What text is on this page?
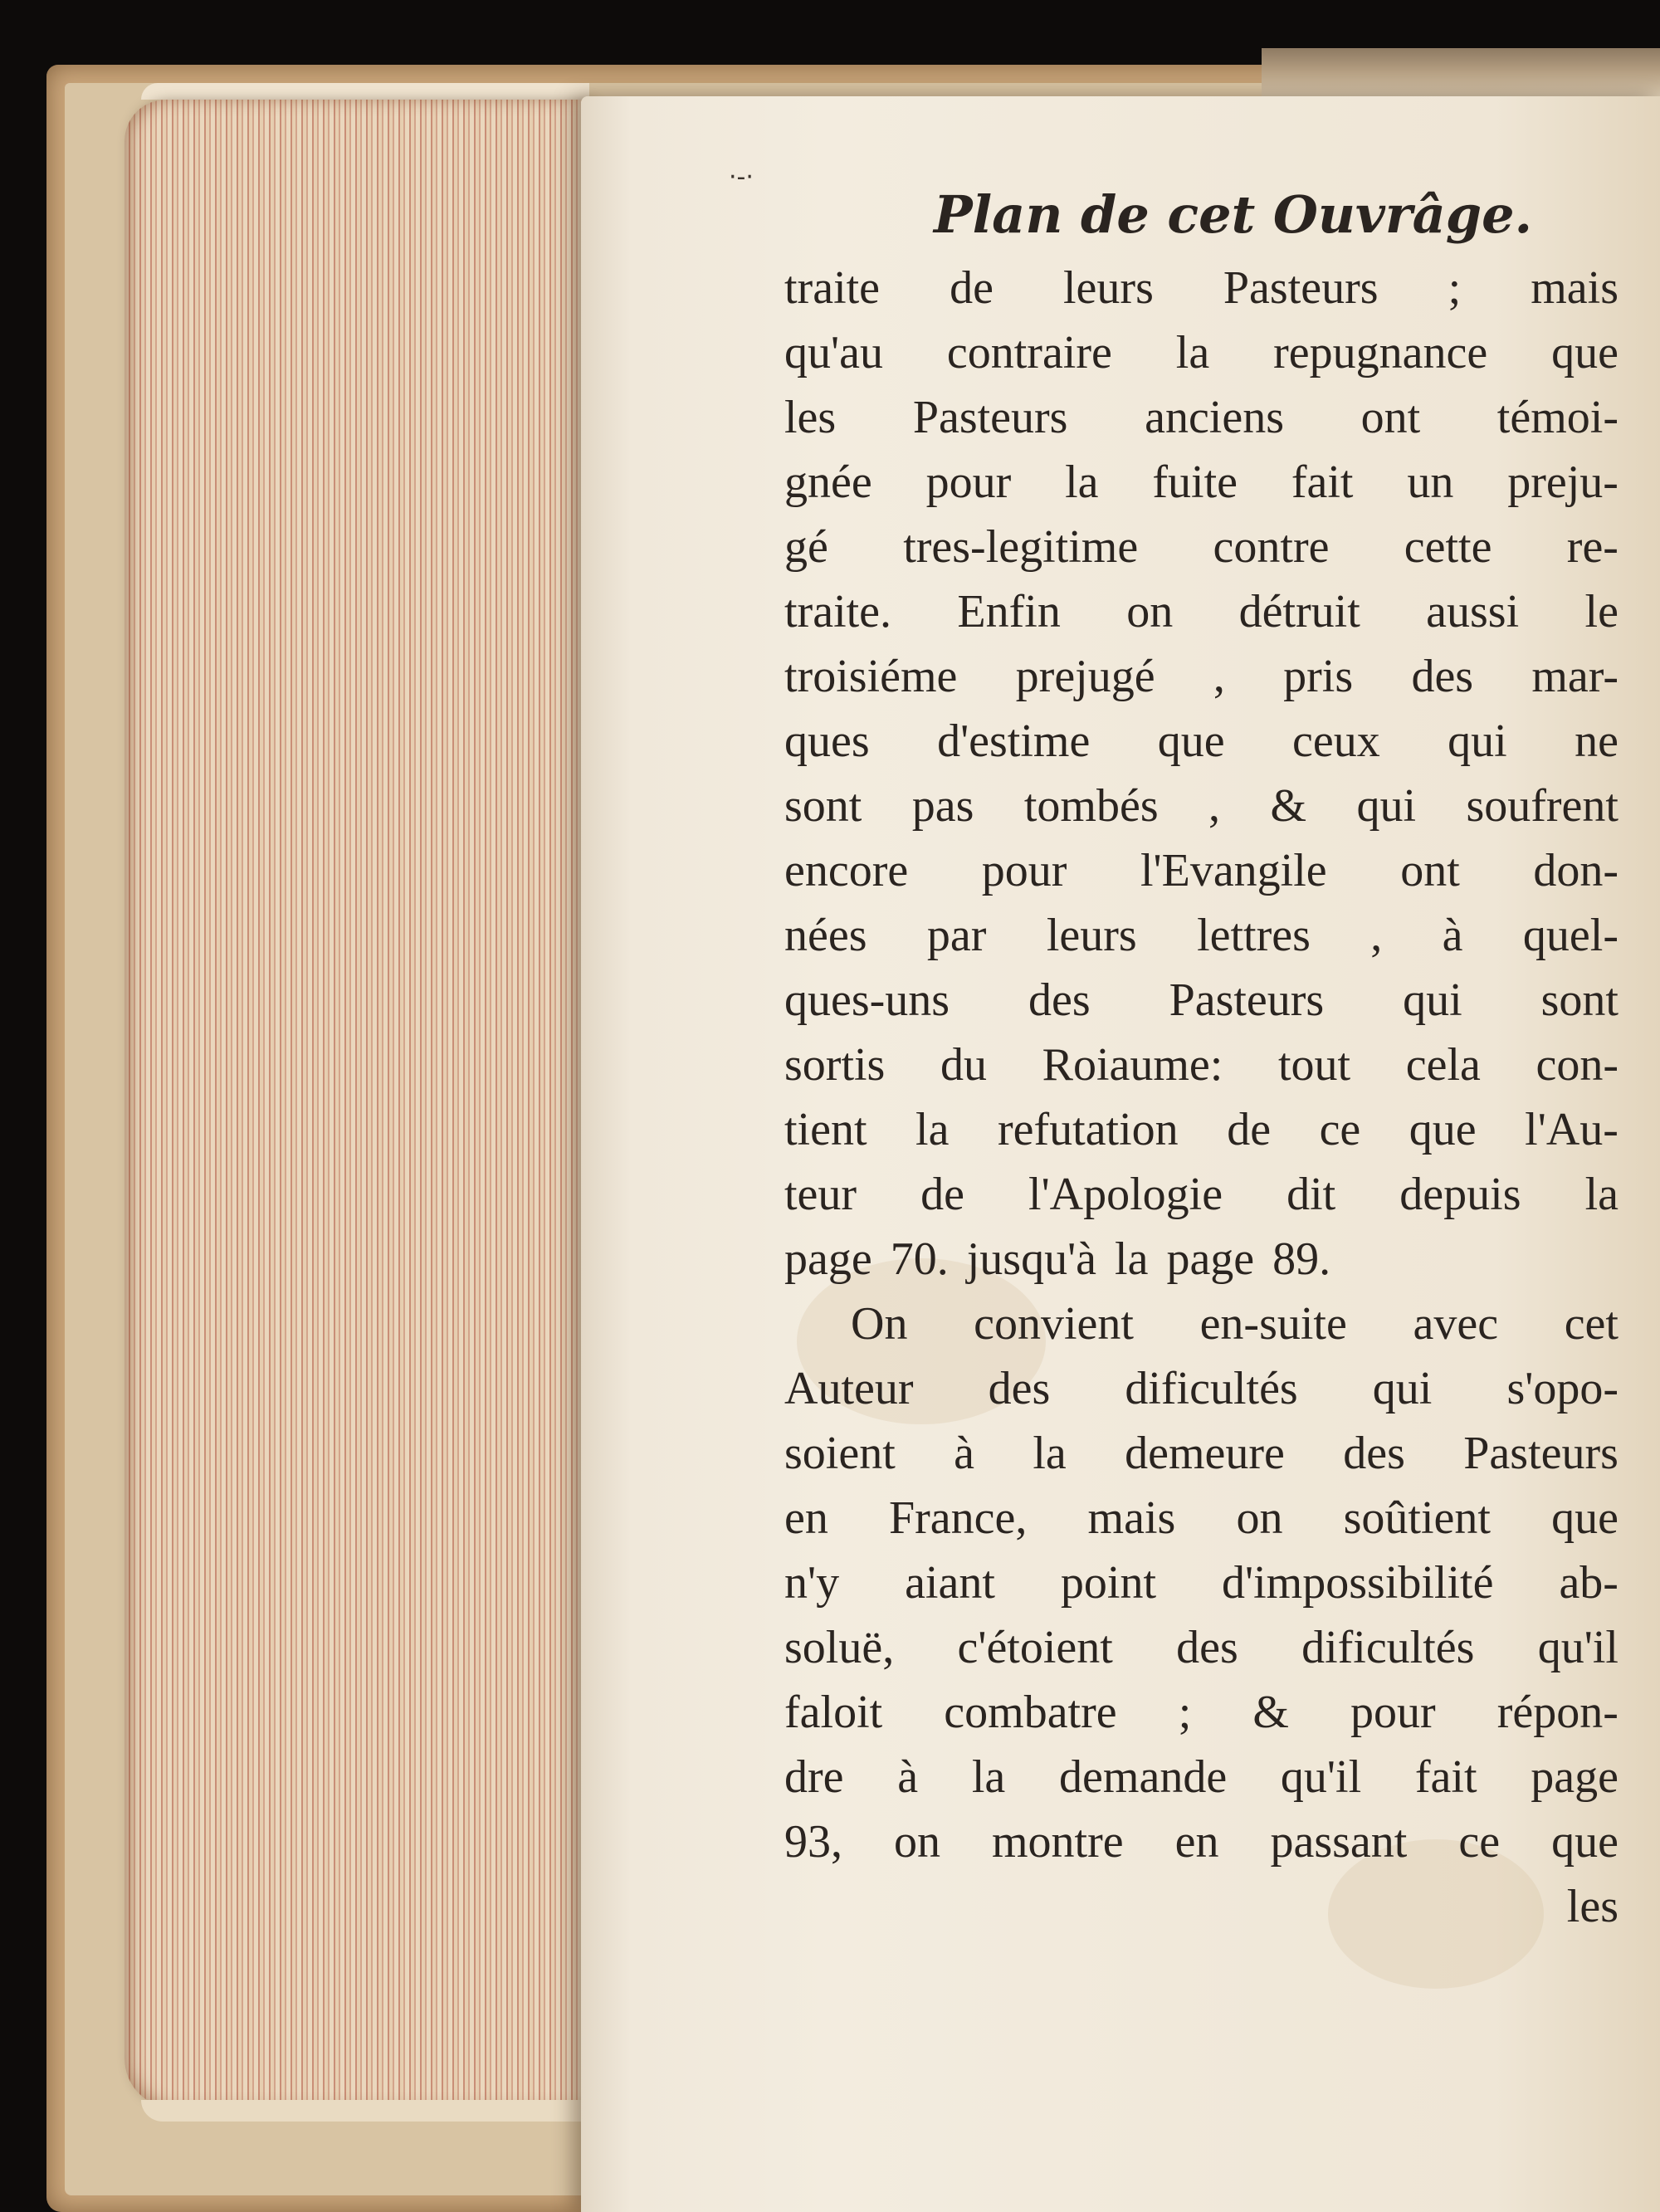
·-·
Plan de cet Ouvrâge.
traite de leurs Pasteurs ; mais
qu'au contraire la repugnance que
les Pasteurs anciens ont témoi-
gnée pour la fuite fait un preju-
gé tres-legitime contre cette re-
traite. Enfin on détruit aussi le
troisiéme prejugé , pris des mar-
ques d'estime que ceux qui ne
sont pas tombés , & qui soufrent
encore pour l'Evangile ont don-
nées par leurs lettres , à quel-
ques-uns des Pasteurs qui sont
sortis du Roiaume: tout cela con-
tient la refutation de ce que l'Au-
teur de l'Apologie dit depuis la
page 70. jusqu'à la page 89.
On convient en-suite avec cet
Auteur des dificultés qui s'opo-
soient à la demeure des Pasteurs
en France, mais on soûtient que
n'y aiant point d'impossibilité ab-
soluë, c'étoient des dificultés qu'il
faloit combatre ; & pour répon-
dre à la demande qu'il fait page
93, on montre en passant ce que
les
